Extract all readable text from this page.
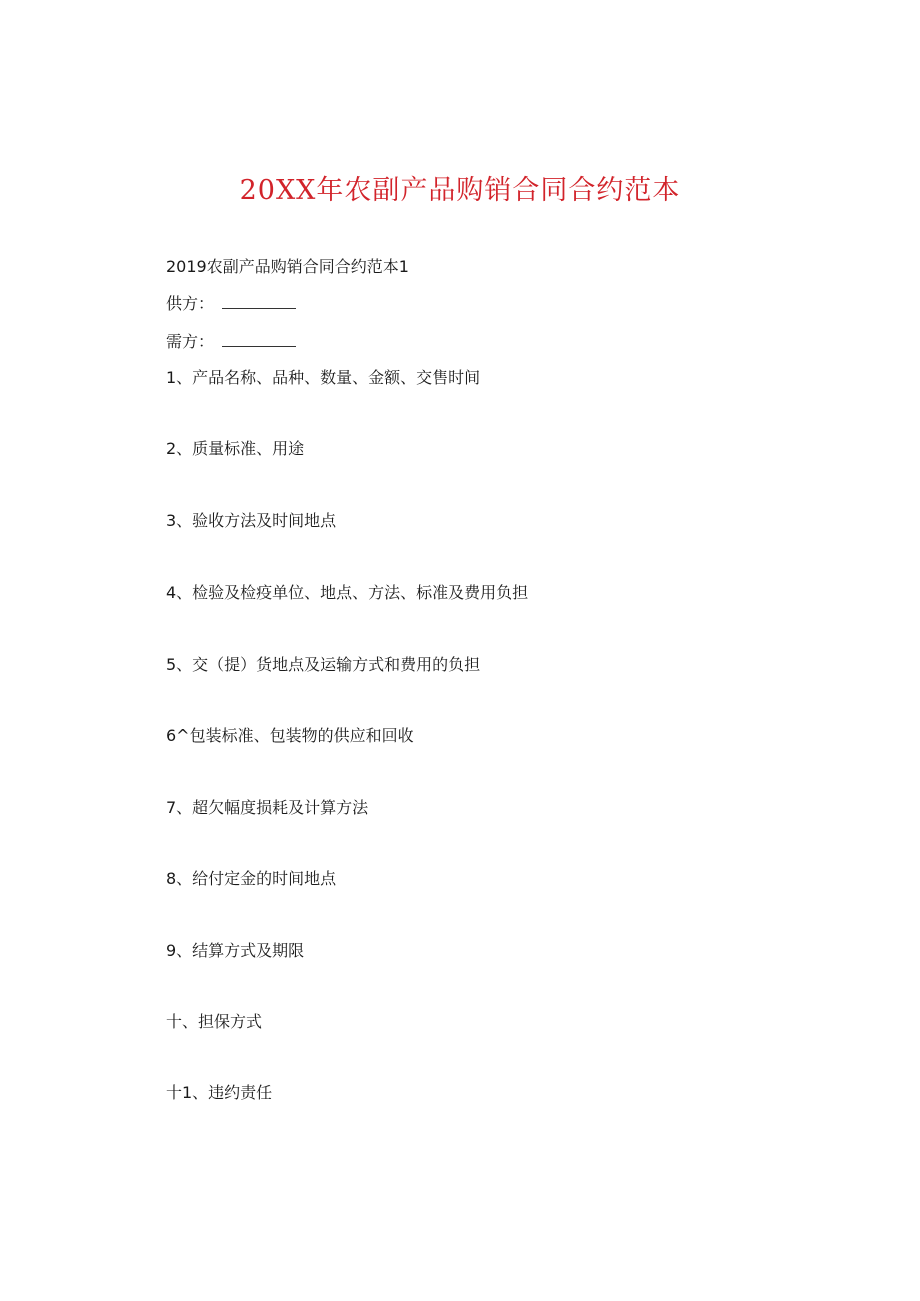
20XX年农副产品购销合同合约范本
2019农副产品购销合同合约范本1
供方：
需方：
1、产品名称、品种、数量、金额、交售时间
2、质量标准、用途
3、验收方法及时间地点
4、检验及检疫单位、地点、方法、标准及费用负担
5、交（提）货地点及运输方式和费用的负担
6^包装标准、包装物的供应和回收
7、超欠幅度损耗及计算方法
8、给付定金的时间地点
9、结算方式及期限
十、担保方式
十1、违约责任
